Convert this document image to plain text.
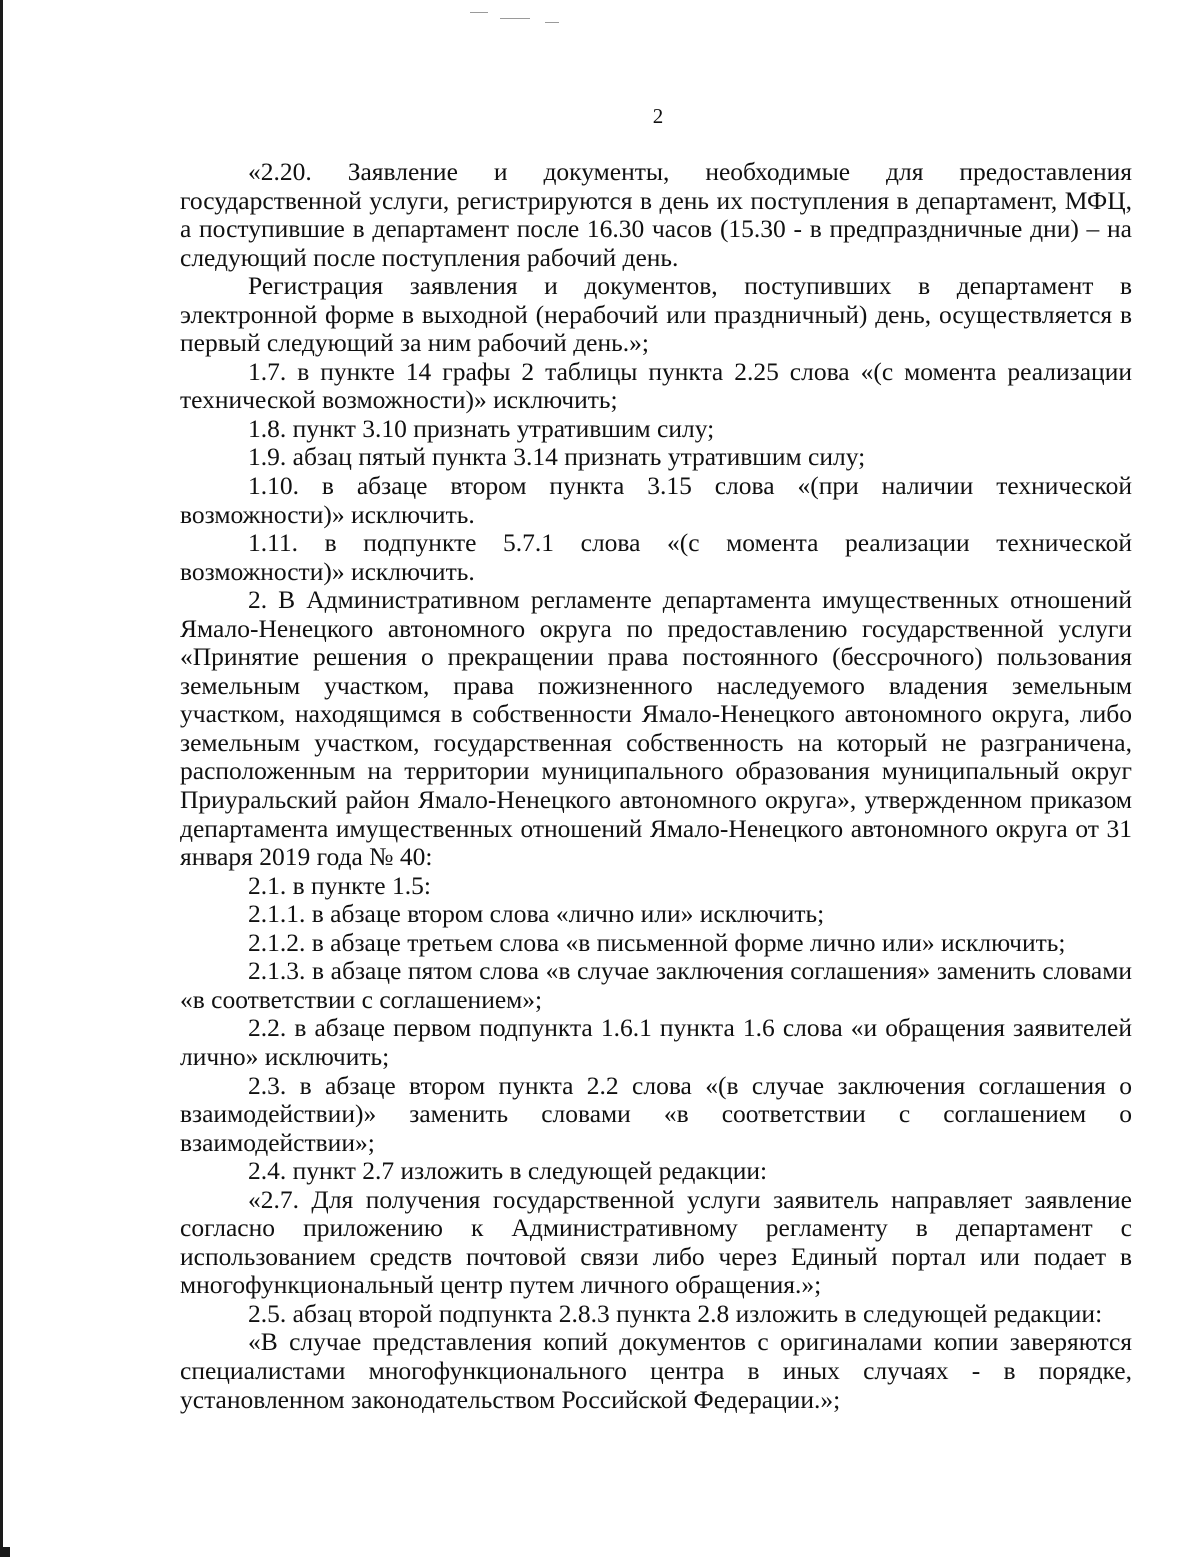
2

«2.20. Заявление и документы, необходимые для предоставления государственной услуги, регистрируются в день их поступления в департамент, МФЦ, а поступившие в департамент после 16.30 часов (15.30 - в предпраздничные дни) – на следующий после поступления рабочий день.

Регистрация заявления и документов, поступивших в департамент в электронной форме в выходной (нерабочий или праздничный) день, осуществляется в первый следующий за ним рабочий день.»;

1.7. в пункте 14 графы 2 таблицы пункта 2.25 слова «(с момента реализации технической возможности)» исключить;

1.8. пункт 3.10 признать утратившим силу;

1.9. абзац пятый пункта 3.14 признать утратившим силу;

1.10. в абзаце втором пункта 3.15 слова «(при наличии технической возможности)» исключить.

1.11. в подпункте 5.7.1 слова «(с момента реализации технической возможности)» исключить.

2. В Административном регламенте департамента имущественных отношений Ямало-Ненецкого автономного округа по предоставлению государственной услуги «Принятие решения о прекращении права постоянного (бессрочного) пользования земельным участком, права пожизненного наследуемого владения земельным участком, находящимся в собственности Ямало-Ненецкого автономного округа, либо земельным участком, государственная собственность на который не разграничена, расположенным на территории муниципального образования муниципальный округ Приуральский район Ямало-Ненецкого автономного округа», утвержденном приказом департамента имущественных отношений Ямало-Ненецкого автономного округа от 31 января 2019 года № 40:

2.1. в пункте 1.5:

2.1.1. в абзаце втором слова «лично или» исключить;

2.1.2. в абзаце третьем слова «в письменной форме лично или» исключить;

2.1.3. в абзаце пятом слова «в случае заключения соглашения» заменить словами «в соответствии с соглашением»;

2.2. в абзаце первом подпункта 1.6.1 пункта 1.6 слова «и обращения заявителей лично» исключить;

2.3. в абзаце втором пункта 2.2 слова «(в случае заключения соглашения о взаимодействии)» заменить словами «в соответствии с соглашением о взаимодействии»;

2.4. пункт 2.7 изложить в следующей редакции:

«2.7. Для получения государственной услуги заявитель направляет заявление согласно приложению к Административному регламенту в департамент с использованием средств почтовой связи либо через Единый портал или подает в многофункциональный центр путем личного обращения.»;

2.5. абзац второй подпункта 2.8.3 пункта 2.8 изложить в следующей редакции:

«В случае представления копий документов с оригиналами копии заверяются специалистами многофункционального центра в иных случаях - в порядке, установленном законодательством Российской Федерации.»;
